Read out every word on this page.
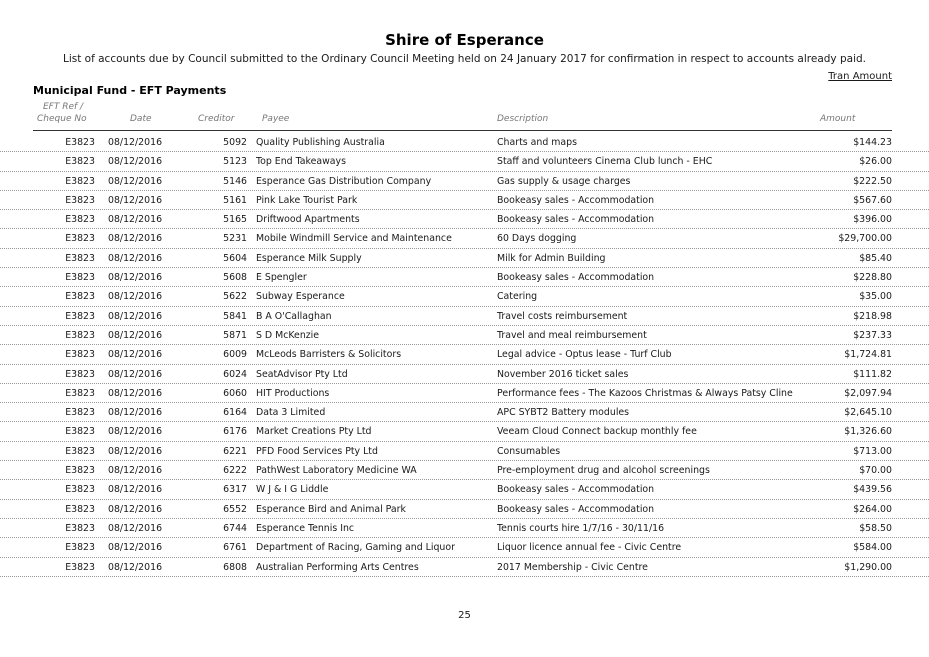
Shire of Esperance
List of accounts due by Council submitted to the Ordinary Council Meeting held on 24 January 2017 for confirmation in respect to accounts already paid.
Tran Amount
Municipal Fund - EFT Payments
EFT Ref /
Cheque No	Date	Creditor	Payee	Description	Amount
E3823 08/12/2016	5092 Quality Publishing Australia	Charts and maps	$144.23
E3823 08/12/2016	5123 Top End Takeaways	Staff and volunteers Cinema Club lunch - EHC	$26.00
E3823 08/12/2016	5146 Esperance Gas Distribution Company	Gas supply & usage charges	$222.50
E3823 08/12/2016	5161 Pink Lake Tourist Park	Bookeasy sales - Accommodation	$567.60
E3823 08/12/2016	5165 Driftwood Apartments	Bookeasy sales - Accommodation	$396.00
E3823 08/12/2016	5231 Mobile Windmill Service and Maintenance	60 Days dogging	$29,700.00
E3823 08/12/2016	5604 Esperance Milk Supply	Milk for Admin Building	$85.40
E3823 08/12/2016	5608 E Spengler	Bookeasy sales - Accommodation	$228.80
E3823 08/12/2016	5622 Subway Esperance	Catering	$35.00
E3823 08/12/2016	5841 B A O'Callaghan	Travel costs reimbursement	$218.98
E3823 08/12/2016	5871 S D McKenzie	Travel and meal reimbursement	$237.33
E3823 08/12/2016	6009 McLeods Barristers & Solicitors	Legal advice - Optus lease - Turf Club	$1,724.81
E3823 08/12/2016	6024 SeatAdvisor Pty Ltd	November 2016 ticket sales	$111.82
E3823 08/12/2016	6060 HIT Productions	Performance fees - The Kazoos Christmas & Always Patsy Cline	$2,097.94
E3823 08/12/2016	6164 Data 3 Limited	APC SYBT2 Battery modules	$2,645.10
E3823 08/12/2016	6176 Market Creations Pty Ltd	Veeam Cloud Connect backup monthly fee	$1,326.60
E3823 08/12/2016	6221 PFD Food Services Pty Ltd	Consumables	$713.00
E3823 08/12/2016	6222 PathWest Laboratory Medicine WA	Pre-employment drug and alcohol screenings	$70.00
E3823 08/12/2016	6317 W J & I G Liddle	Bookeasy sales - Accommodation	$439.56
E3823 08/12/2016	6552 Esperance Bird and Animal Park	Bookeasy sales - Accommodation	$264.00
E3823 08/12/2016	6744 Esperance Tennis Inc	Tennis courts hire 1/7/16 - 30/11/16	$58.50
E3823 08/12/2016	6761 Department of Racing, Gaming and Liquor	Liquor licence annual fee - Civic Centre	$584.00
E3823 08/12/2016	6808 Australian Performing Arts Centres	2017 Membership - Civic Centre	$1,290.00
25
